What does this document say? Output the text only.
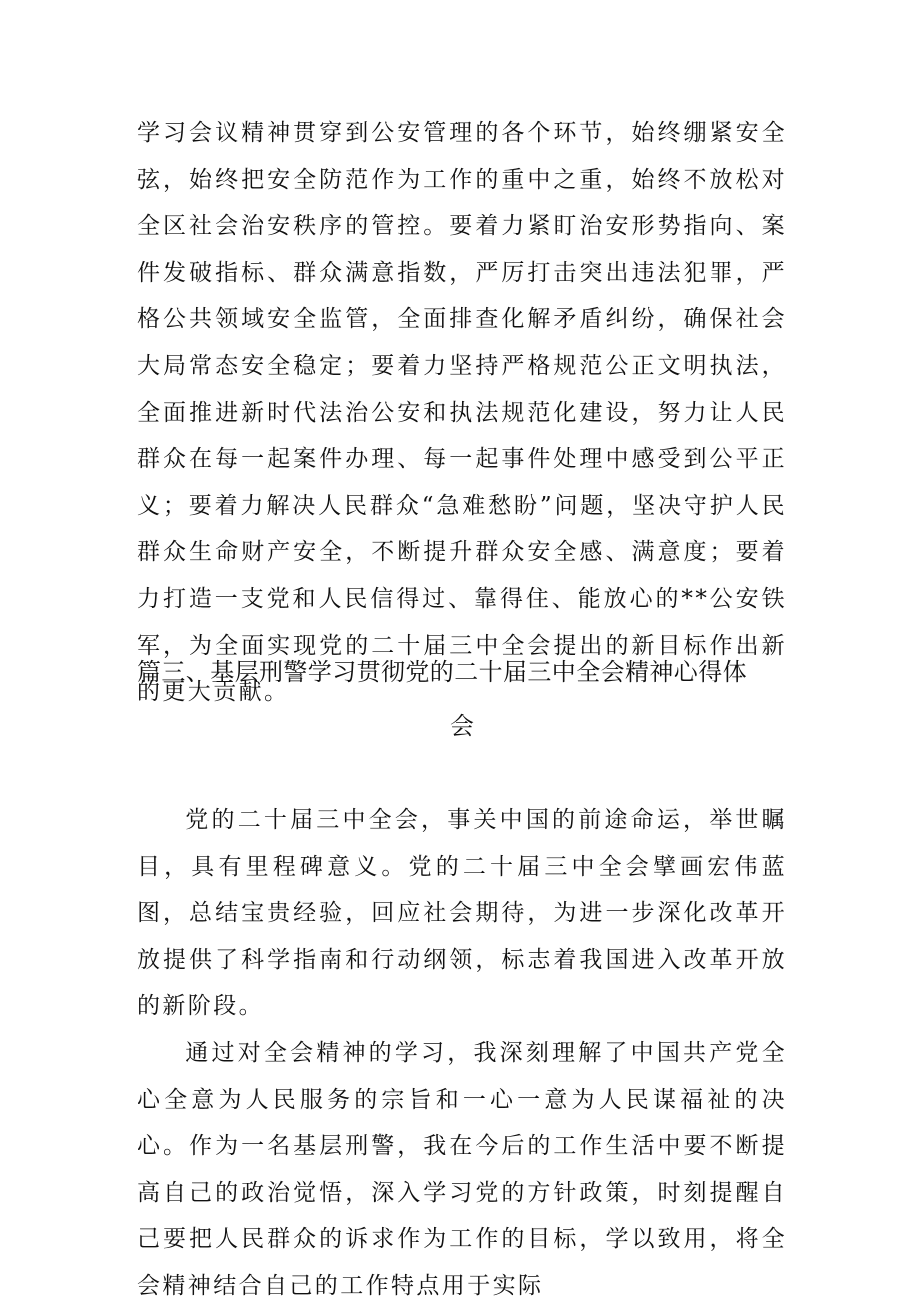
学习会议精神贯穿到公安管理的各个环节，始终绷紧安全弦，始终把安全防范作为工作的重中之重，始终不放松对全区社会治安秩序的管控。要着力紧盯治安形势指向、案件发破指标、群众满意指数，严厉打击突出违法犯罪，严格公共领域安全监管，全面排查化解矛盾纠纷，确保社会大局常态安全稳定；要着力坚持严格规范公正文明执法，全面推进新时代法治公安和执法规范化建设，努力让人民群众在每一起案件办理、每一起事件处理中感受到公平正义；要着力解决人民群众“急难愁盼”问题，坚决守护人民群众生命财产安全，不断提升群众安全感、满意度；要着力打造一支党和人民信得过、靠得住、能放心的**公安铁军，为全面实现党的二十届三中全会提出的新目标作出新的更大贡献。

篇三、基层刑警学习贯彻党的二十届三中全会精神心得体
会

党的二十届三中全会，事关中国的前途命运，举世瞩目，具有里程碑意义。党的二十届三中全会擘画宏伟蓝图，总结宝贵经验，回应社会期待，为进一步深化改革开放提供了科学指南和行动纲领，标志着我国进入改革开放的新阶段。

通过对全会精神的学习，我深刻理解了中国共产党全心全意为人民服务的宗旨和一心一意为人民谋福祉的决心。作为一名基层刑警，我在今后的工作生活中要不断提高自己的政治觉悟，深入学习党的方针政策，时刻提醒自己要把人民群众的诉求作为工作的目标，学以致用，将全会精神结合自己的工作特点用于实际
